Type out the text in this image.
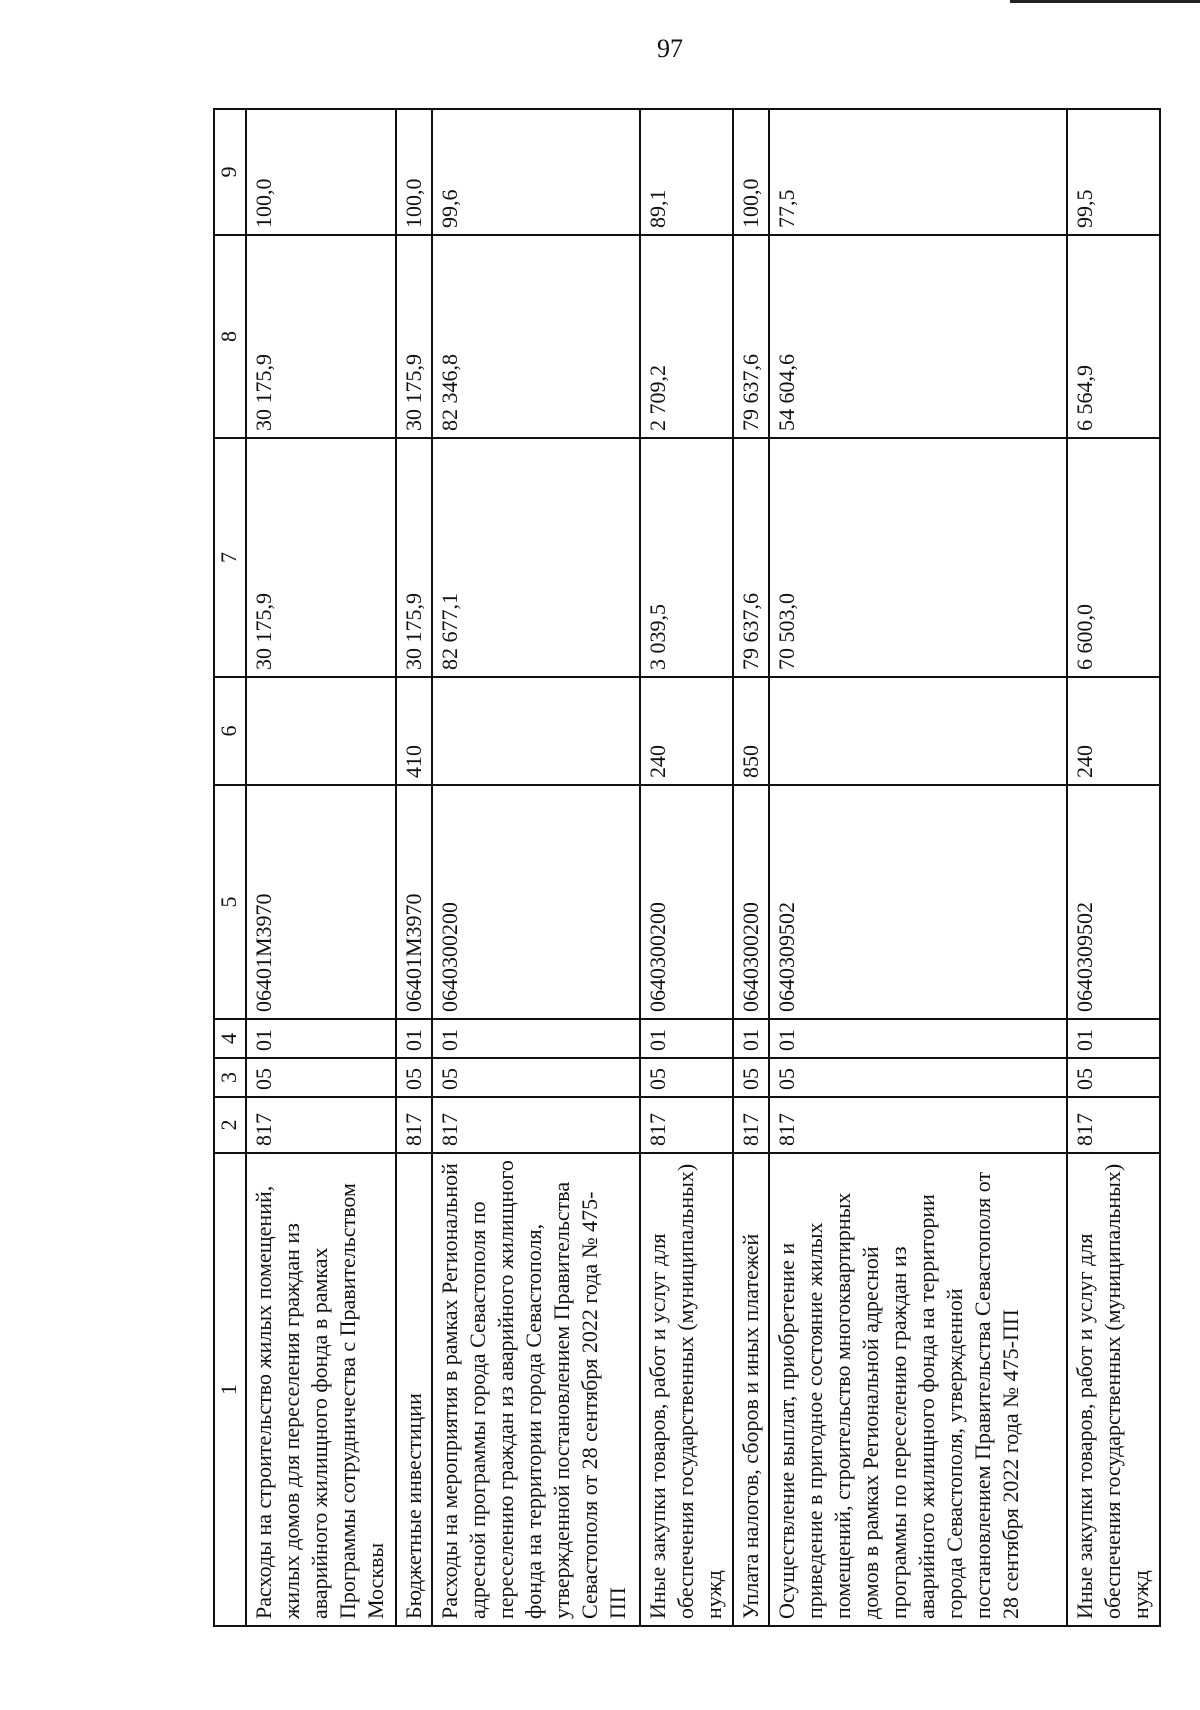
97
1	2	3	4	5	6	7	8	9
Расходы на строительство жилых помещений, жилых домов для переселения граждан из аварийного жилищного фонда в рамках Программы сотрудничества с Правительством Москвы	817	05	01	06401М3970		30 175,9	30 175,9	100,0
Бюджетные инвестиции	817	05	01	06401М3970	410	30 175,9	30 175,9	100,0
Расходы на мероприятия в рамках Региональной адресной программы города Севастополя по переселению граждан из аварийного жилищного фонда на территории города Севастополя, утвержденной постановлением Правительства Севастополя от 28 сентября 2022 года № 475-ПП	817	05	01	0640300200		82 677,1	82 346,8	99,6
Иные закупки товаров, работ и услуг для обеспечения государственных (муниципальных) нужд	817	05	01	0640300200	240	3 039,5	2 709,2	89,1
Уплата налогов, сборов и иных платежей	817	05	01	0640300200	850	79 637,6	79 637,6	100,0
Осуществление выплат, приобретение и приведение в пригодное состояние жилых помещений, строительство многоквартирных домов в рамках Региональной адресной программы по переселению граждан из аварийного жилищного фонда на территории города Севастополя, утвержденной постановлением Правительства Севастополя от 28 сентября 2022 года № 475-ПП	817	05	01	0640309502		70 503,0	54 604,6	77,5
Иные закупки товаров, работ и услуг для обеспечения государственных (муниципальных) нужд	817	05	01	0640309502	240	6 600,0	6 564,9	99,5
